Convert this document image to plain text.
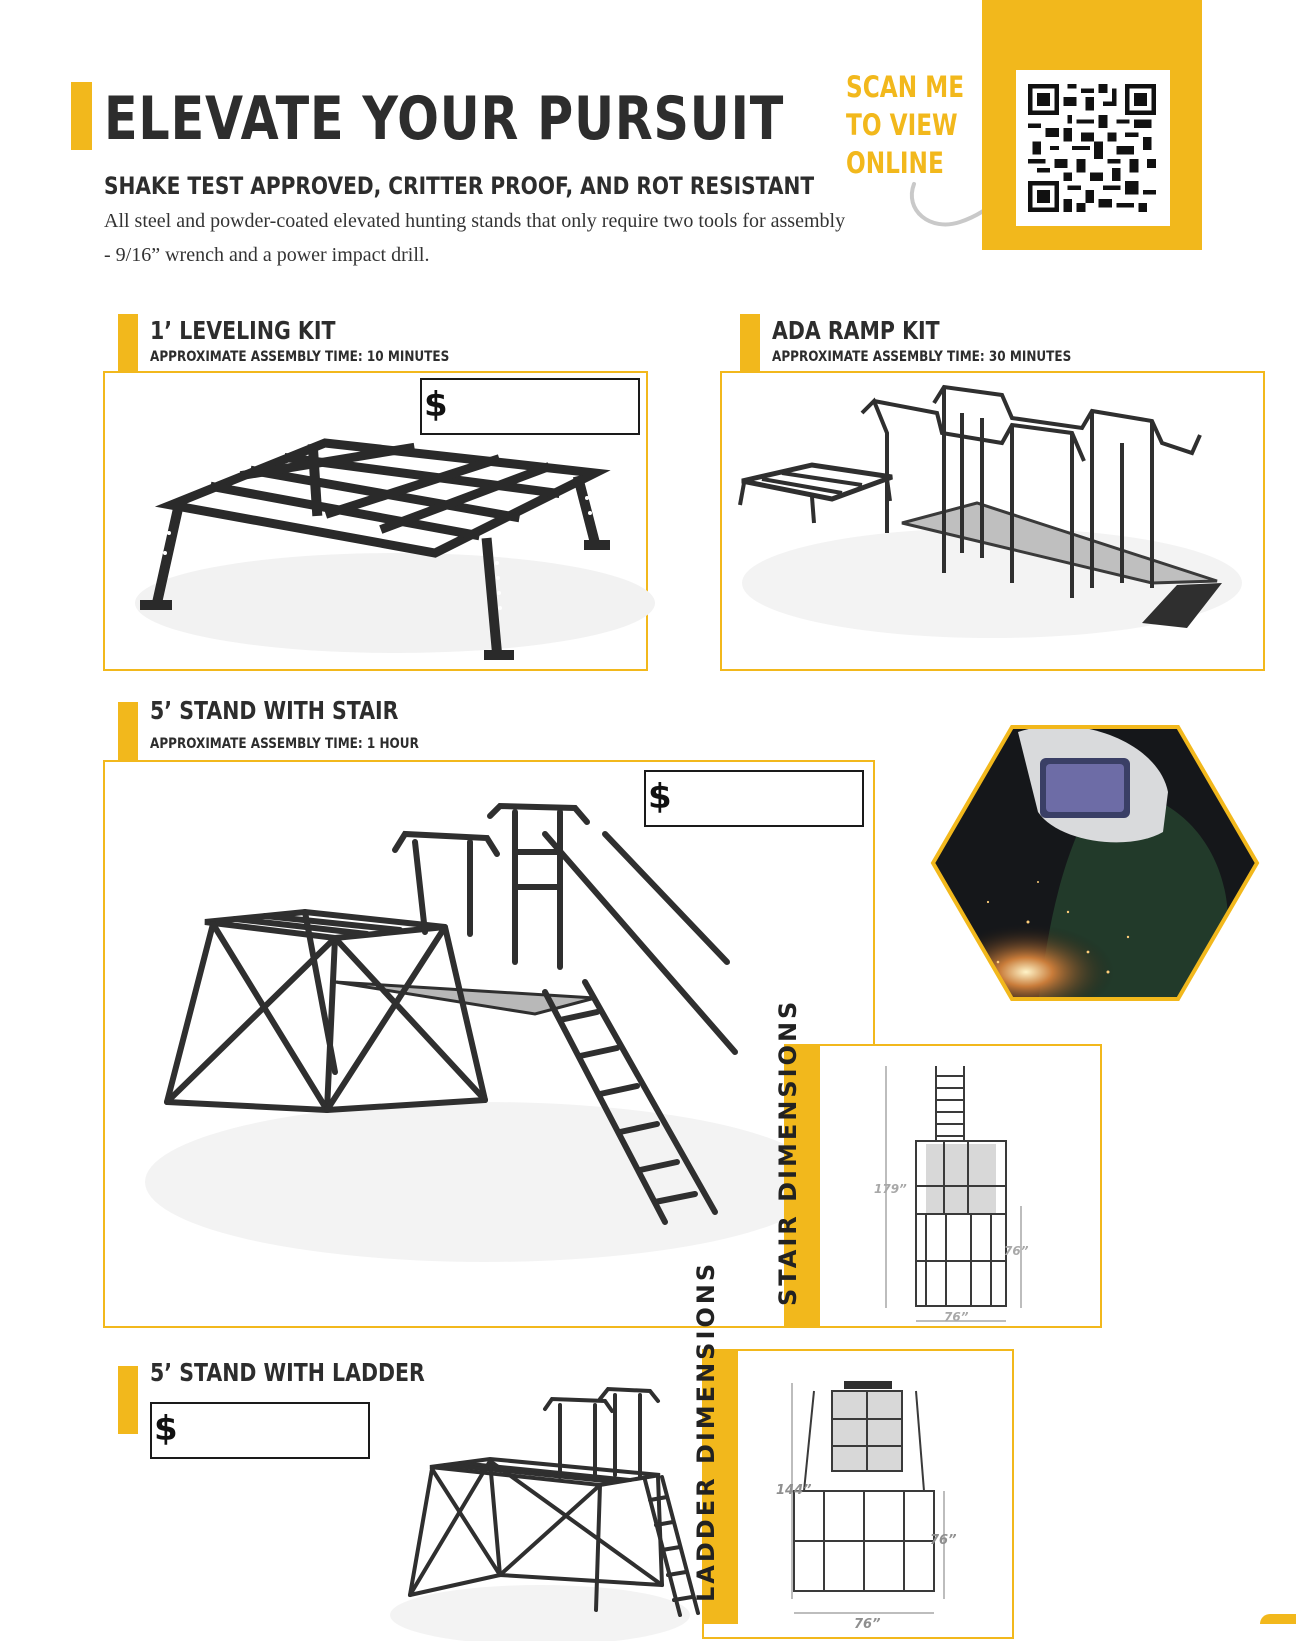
ELEVATE YOUR PURSUIT
SHAKE TEST APPROVED, CRITTER PROOF, AND ROT RESISTANT
All steel and powder-coated elevated hunting stands that only require two tools for assembly
- 9/16” wrench and a power impact drill.
SCAN ME
TO VIEW
ONLINE
1’ LEVELING KIT
APPROXIMATE ASSEMBLY TIME: 10 MINUTES
$
ADA RAMP KIT
APPROXIMATE ASSEMBLY TIME: 30 MINUTES
5’ STAND WITH STAIR
APPROXIMATE ASSEMBLY TIME: 1 HOUR
$
179”
76”
76”
STAIR DIMENSIONS
5’ STAND WITH LADDER
$
144”
76”
76”
LADDER DIMENSIONS
